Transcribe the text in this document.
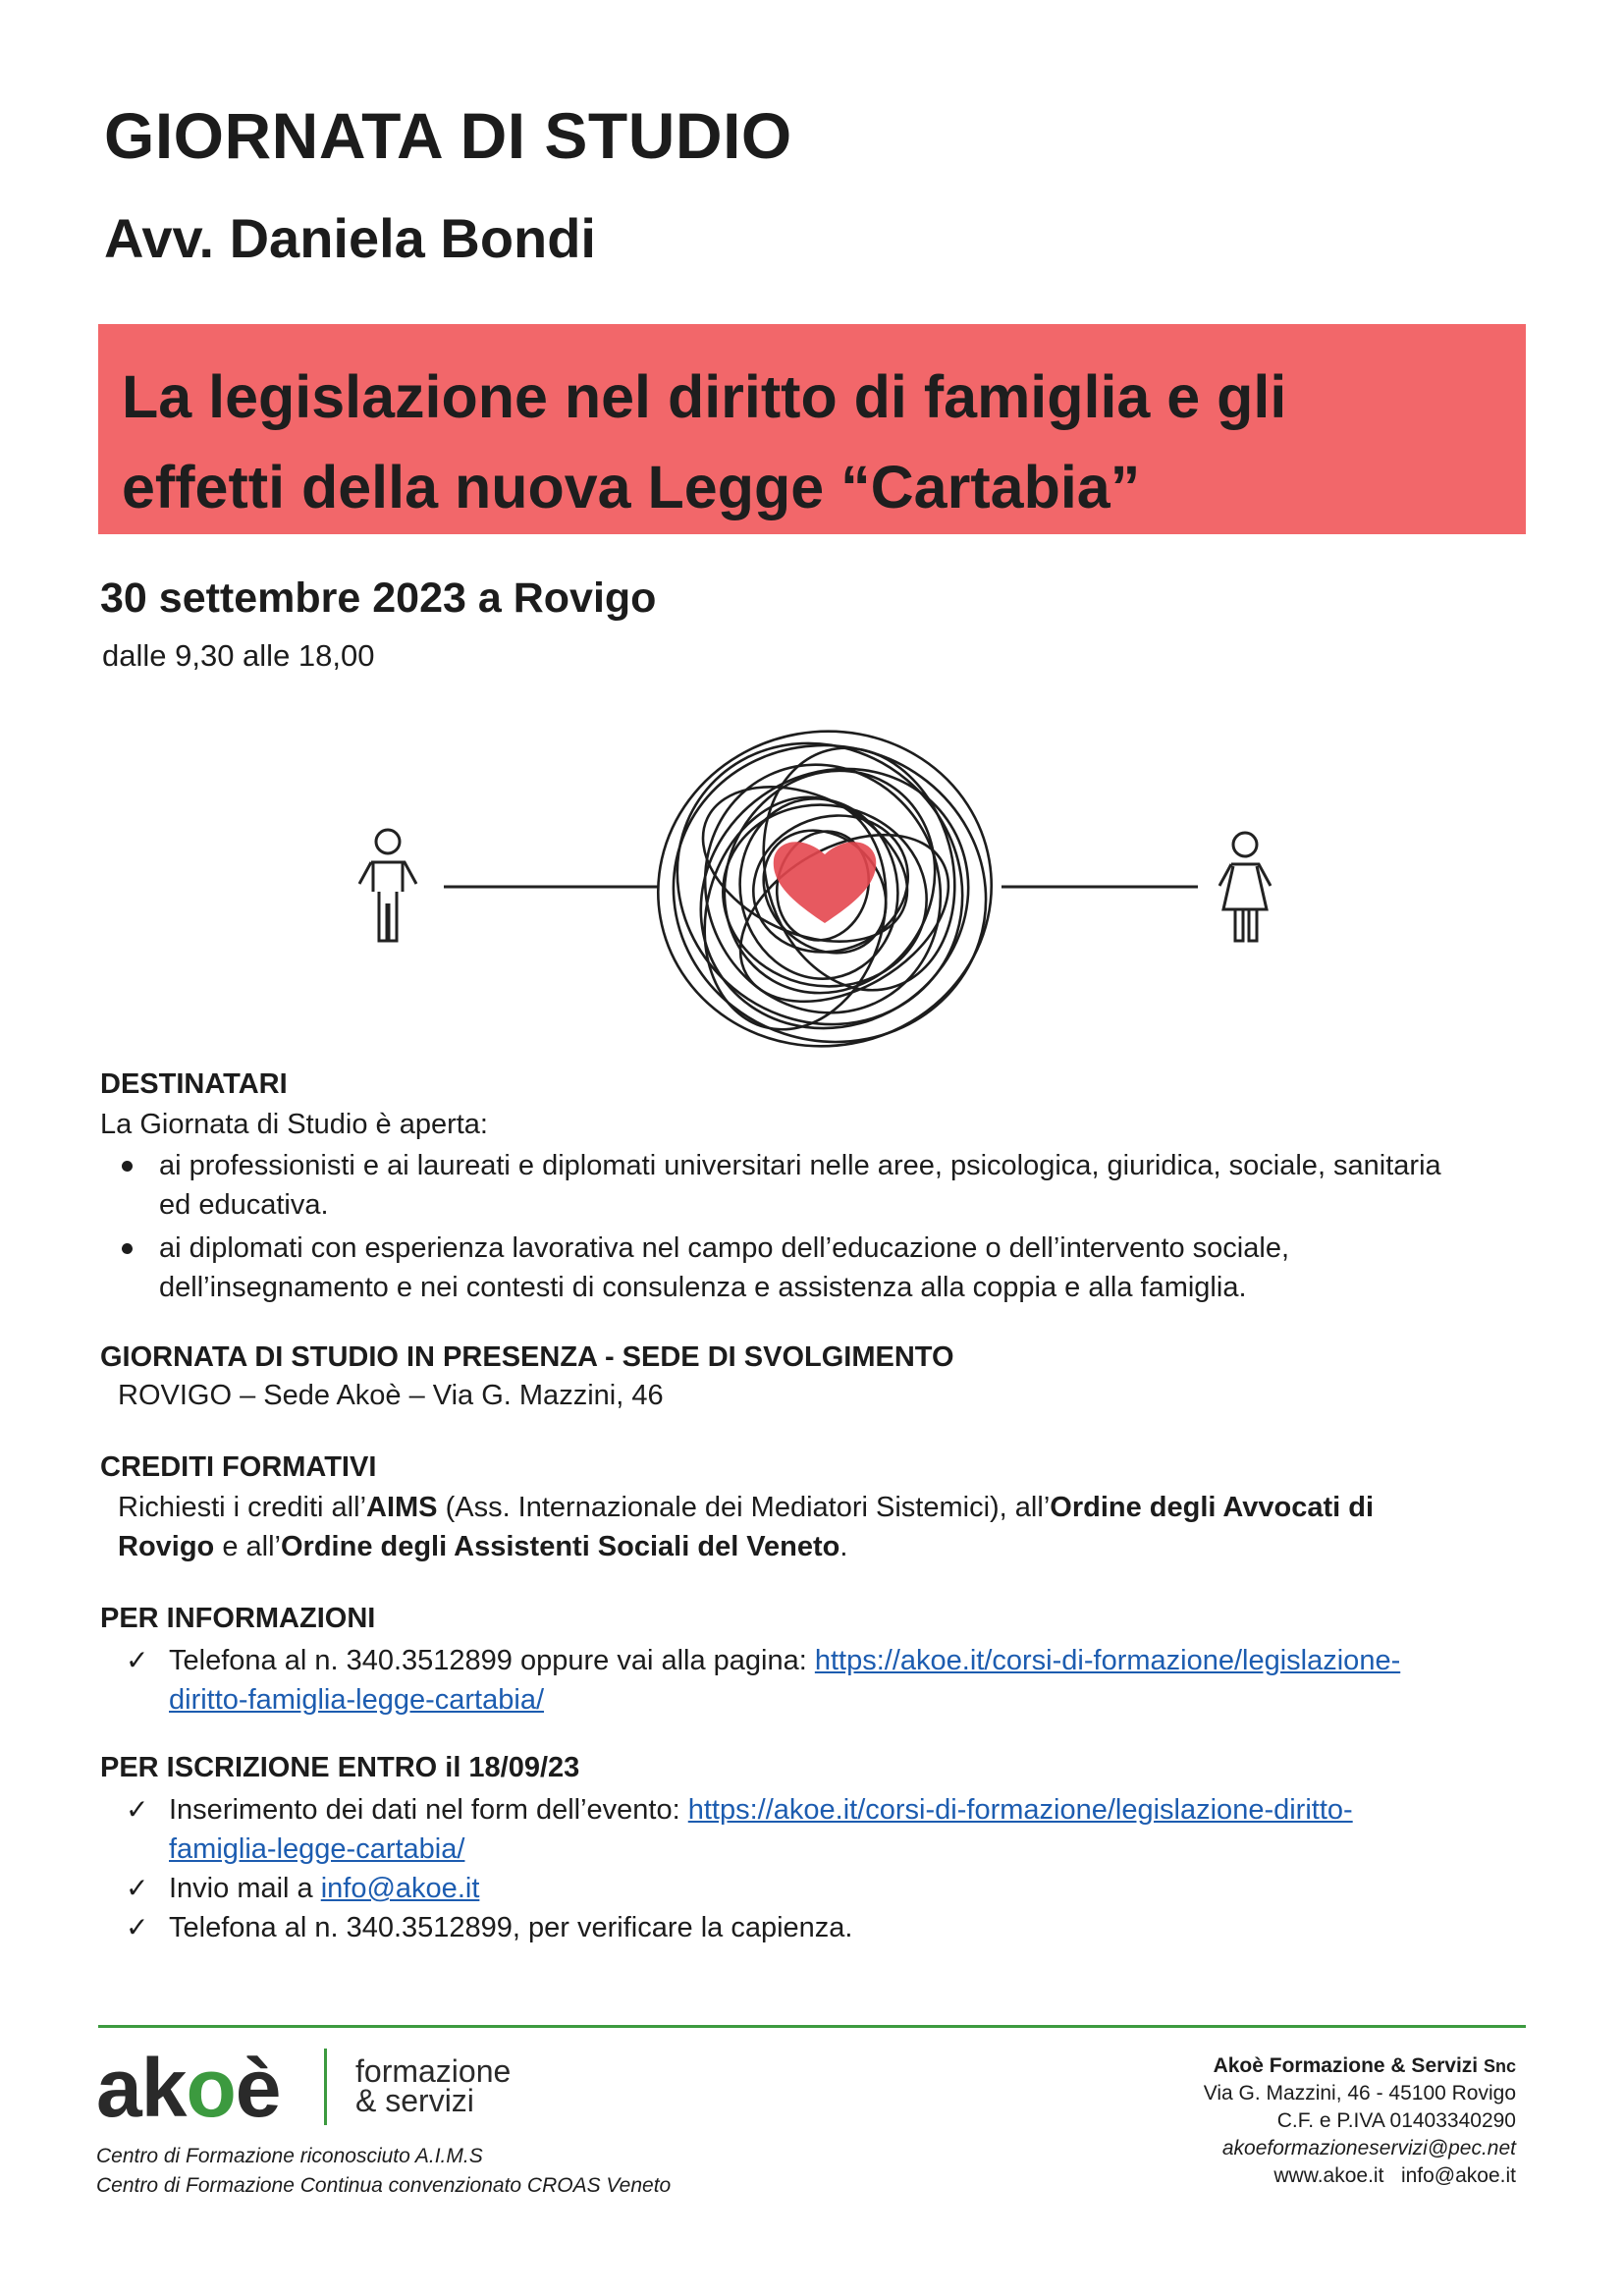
GIORNATA DI STUDIO
Avv. Daniela Bondi
La legislazione nel diritto di famiglia e gli
effetti della nuova Legge “Cartabia”
30 settembre 2023 a Rovigo
dalle 9,30 alle 18,00
DESTINATARI
La Giornata di Studio è aperta:
ai professionisti e ai laureati e diplomati universitari nelle aree, psicologica, giuridica, sociale, sanitaria
ed educativa.
ai diplomati con esperienza lavorativa nel campo dell’educazione o dell’intervento sociale,
dell’insegnamento e nei contesti di consulenza e assistenza alla coppia e alla famiglia.
GIORNATA DI STUDIO IN PRESENZA - SEDE DI SVOLGIMENTO
ROVIGO – Sede Akoè – Via G. Mazzini, 46
CREDITI FORMATIVI
Richiesti i crediti all’AIMS (Ass. Internazionale dei Mediatori Sistemici), all’Ordine degli Avvocati di
Rovigo e all’Ordine degli Assistenti Sociali del Veneto.
PER INFORMAZIONI
✓ Telefona al n. 340.3512899 oppure vai alla pagina: https://akoe.it/corsi-di-formazione/legislazione-
diritto-famiglia-legge-cartabia/
PER ISCRIZIONE ENTRO il 18/09/23
✓ Inserimento dei dati nel form dell’evento: https://akoe.it/corsi-di-formazione/legislazione-diritto-
famiglia-legge-cartabia/
✓ Invio mail a info@akoe.it
✓ Telefona al n. 340.3512899, per verificare la capienza.
akoè formazione
& servizi
Centro di Formazione riconosciuto A.I.M.S
Centro di Formazione Continua convenzionato CROAS Veneto
Akoè Formazione & Servizi Snc
Via G. Mazzini, 46 - 45100 Rovigo
C.F. e P.IVA 01403340290
akoeformazioneservizi@pec.net
www.akoe.it info@akoe.it
